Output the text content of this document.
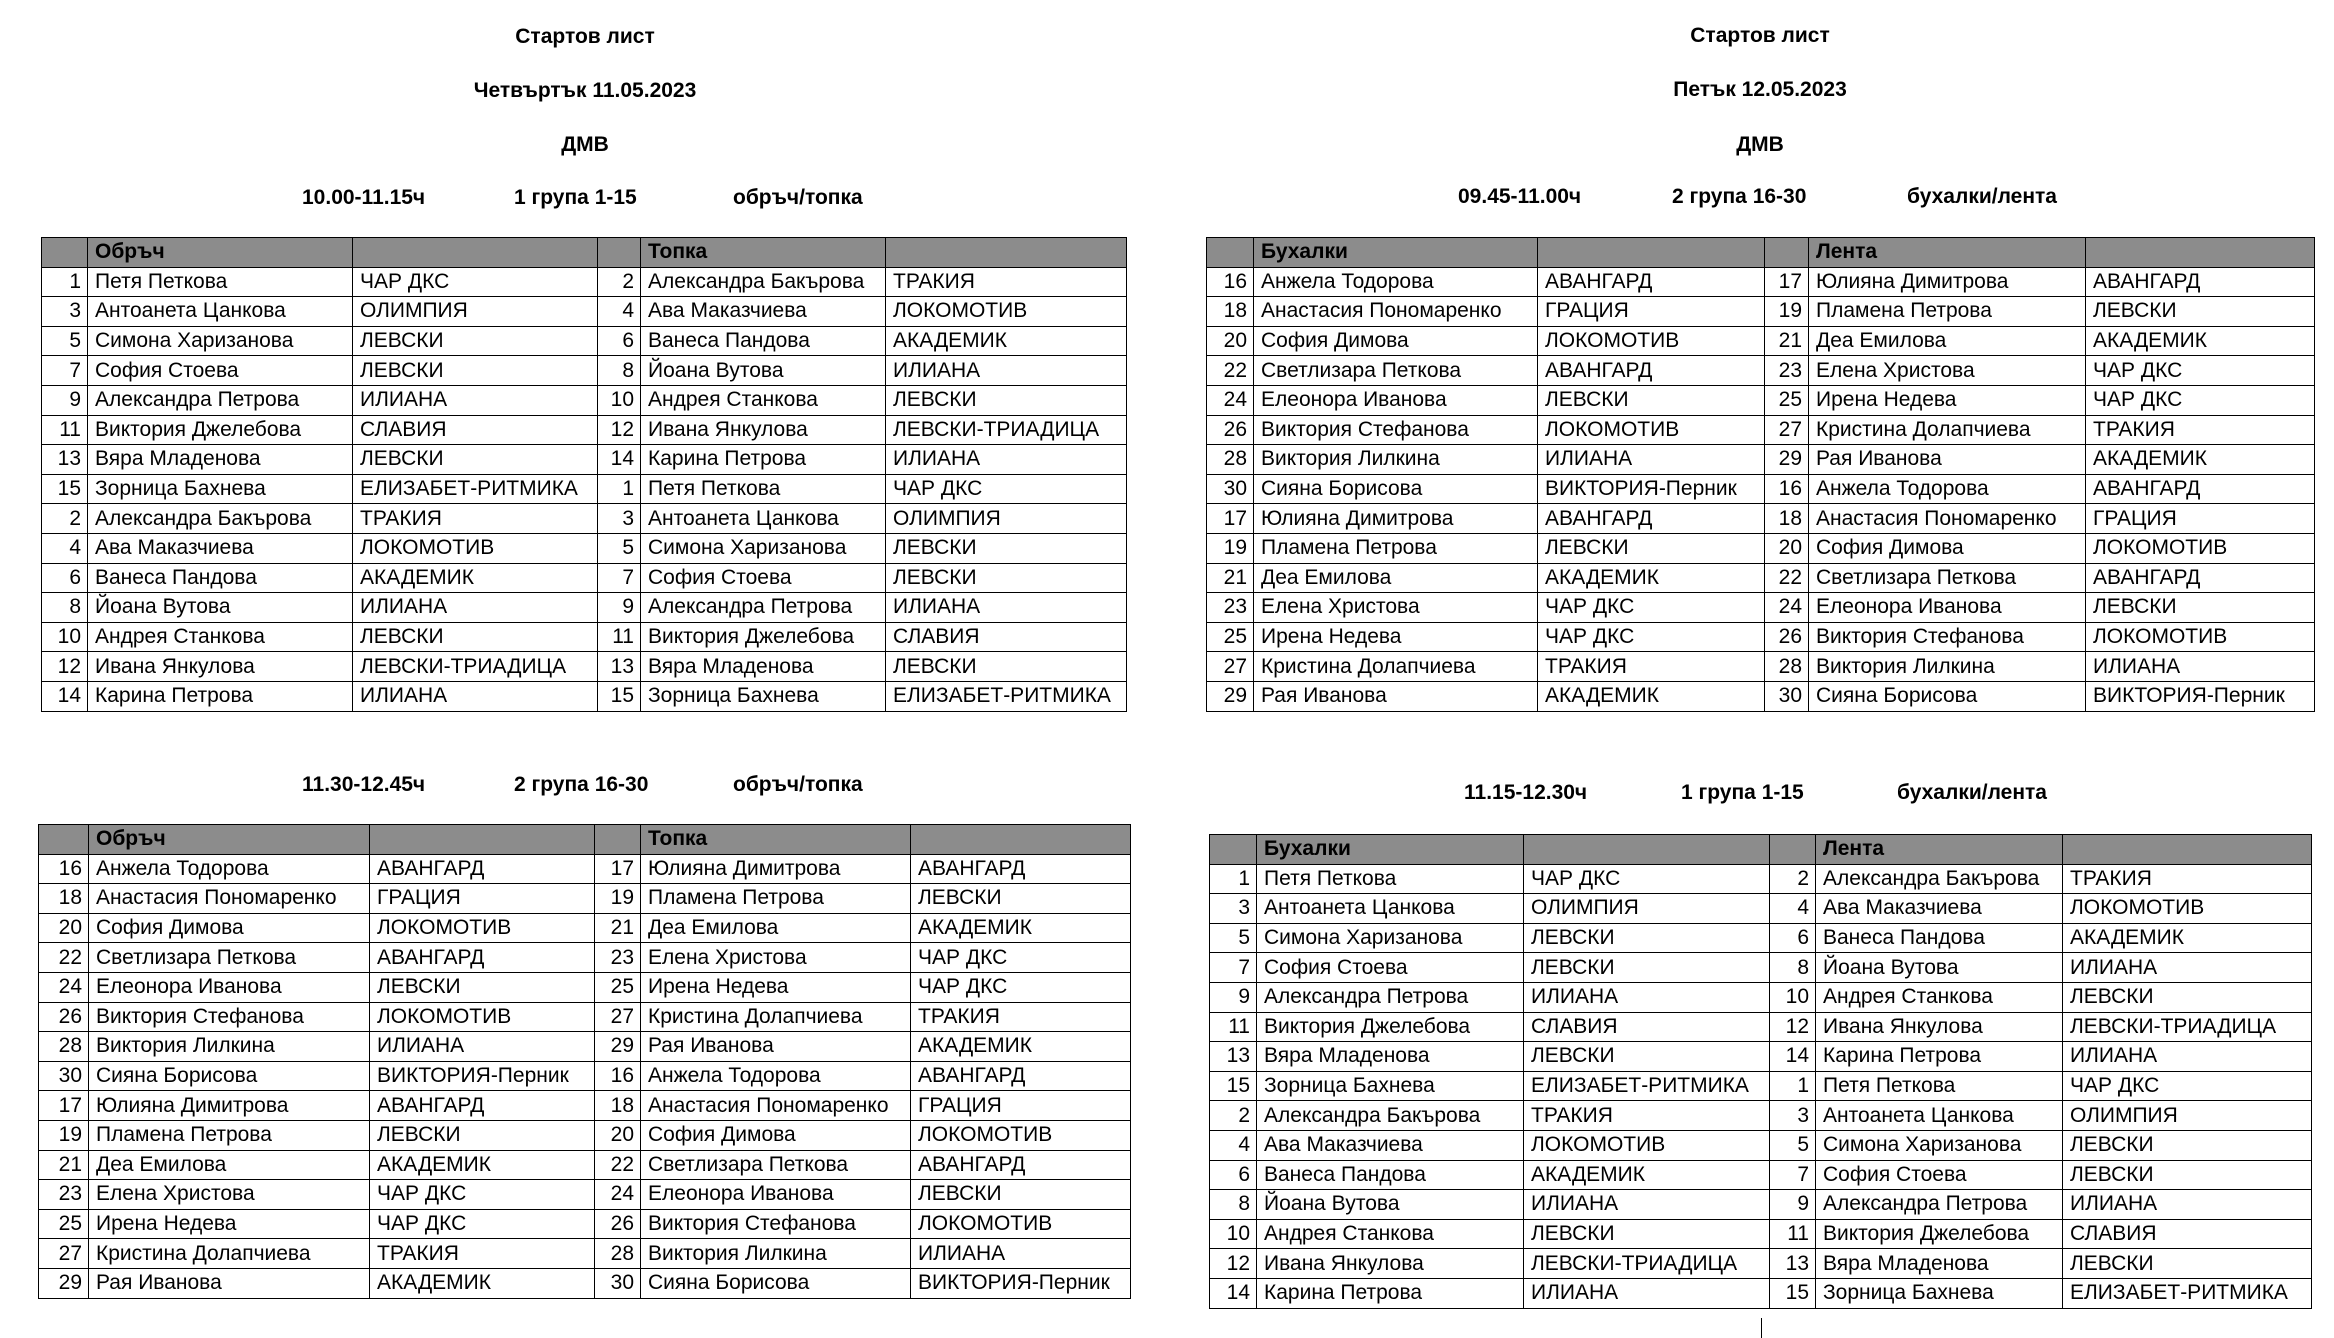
Стартов лист
Четвъртък 11.05.2023
ДМВ
10.00-11.15ч	1 група 1-15	обръч/топка
	Обръч			Топка	
1	Петя Петкова	ЧАР ДКС	2	Александра Бакърова	ТРАКИЯ
3	Антоанета Цанкова	ОЛИМПИЯ	4	Ава Маказчиева	ЛОКОМОТИВ
5	Симона Харизанова	ЛЕВСКИ	6	Ванеса Пандова	АКАДЕМИК
7	София Стоева	ЛЕВСКИ	8	Йоана Вутова	ИЛИАНА
9	Александра Петрова	ИЛИАНА	10	Андрея Станкова	ЛЕВСКИ
11	Виктория Джелебова	СЛАВИЯ	12	Ивана Янкулова	ЛЕВСКИ-ТРИАДИЦА
13	Вяра Младенова	ЛЕВСКИ	14	Карина Петрова	ИЛИАНА
15	Зорница Бахнева	ЕЛИЗАБЕТ-РИТМИКА	1	Петя Петкова	ЧАР ДКС
2	Александра Бакърова	ТРАКИЯ	3	Антоанета Цанкова	ОЛИМПИЯ
4	Ава Маказчиева	ЛОКОМОТИВ	5	Симона Харизанова	ЛЕВСКИ
6	Ванеса Пандова	АКАДЕМИК	7	София Стоева	ЛЕВСКИ
8	Йоана Вутова	ИЛИАНА	9	Александра Петрова	ИЛИАНА
10	Андрея Станкова	ЛЕВСКИ	11	Виктория Джелебова	СЛАВИЯ
12	Ивана Янкулова	ЛЕВСКИ-ТРИАДИЦА	13	Вяра Младенова	ЛЕВСКИ
14	Карина Петрова	ИЛИАНА	15	Зорница Бахнева	ЕЛИЗАБЕТ-РИТМИКА
11.30-12.45ч	2 група 16-30	обръч/топка
	Обръч			Топка	
16	Анжела Тодорова	АВАНГАРД	17	Юлияна Димитрова	АВАНГАРД
18	Анастасия Пономаренко	ГРАЦИЯ	19	Пламена Петрова	ЛЕВСКИ
20	София Димова	ЛОКОМОТИВ	21	Деа Емилова	АКАДЕМИК
22	Светлизара Петкова	АВАНГАРД	23	Елена Христова	ЧАР ДКС
24	Елеонора Иванова	ЛЕВСКИ	25	Ирена Недева	ЧАР ДКС
26	Виктория Стефанова	ЛОКОМОТИВ	27	Кристина Долапчиева	ТРАКИЯ
28	Виктория Лилкина	ИЛИАНА	29	Рая Иванова	АКАДЕМИК
30	Сияна Борисова	ВИКТОРИЯ-Перник	16	Анжела Тодорова	АВАНГАРД
17	Юлияна Димитрова	АВАНГАРД	18	Анастасия Пономаренко	ГРАЦИЯ
19	Пламена Петрова	ЛЕВСКИ	20	София Димова	ЛОКОМОТИВ
21	Деа Емилова	АКАДЕМИК	22	Светлизара Петкова	АВАНГАРД
23	Елена Христова	ЧАР ДКС	24	Елеонора Иванова	ЛЕВСКИ
25	Ирена Недева	ЧАР ДКС	26	Виктория Стефанова	ЛОКОМОТИВ
27	Кристина Долапчиева	ТРАКИЯ	28	Виктория Лилкина	ИЛИАНА
29	Рая Иванова	АКАДЕМИК	30	Сияна Борисова	ВИКТОРИЯ-Перник
Стартов лист
Петък 12.05.2023
ДМВ
09.45-11.00ч	2 група 16-30	бухалки/лента
	Бухалки			Лента	
16	Анжела Тодорова	АВАНГАРД	17	Юлияна Димитрова	АВАНГАРД
18	Анастасия Пономаренко	ГРАЦИЯ	19	Пламена Петрова	ЛЕВСКИ
20	София Димова	ЛОКОМОТИВ	21	Деа Емилова	АКАДЕМИК
22	Светлизара Петкова	АВАНГАРД	23	Елена Христова	ЧАР ДКС
24	Елеонора Иванова	ЛЕВСКИ	25	Ирена Недева	ЧАР ДКС
26	Виктория Стефанова	ЛОКОМОТИВ	27	Кристина Долапчиева	ТРАКИЯ
28	Виктория Лилкина	ИЛИАНА	29	Рая Иванова	АКАДЕМИК
30	Сияна Борисова	ВИКТОРИЯ-Перник	16	Анжела Тодорова	АВАНГАРД
17	Юлияна Димитрова	АВАНГАРД	18	Анастасия Пономаренко	ГРАЦИЯ
19	Пламена Петрова	ЛЕВСКИ	20	София Димова	ЛОКОМОТИВ
21	Деа Емилова	АКАДЕМИК	22	Светлизара Петкова	АВАНГАРД
23	Елена Христова	ЧАР ДКС	24	Елеонора Иванова	ЛЕВСКИ
25	Ирена Недева	ЧАР ДКС	26	Виктория Стефанова	ЛОКОМОТИВ
27	Кристина Долапчиева	ТРАКИЯ	28	Виктория Лилкина	ИЛИАНА
29	Рая Иванова	АКАДЕМИК	30	Сияна Борисова	ВИКТОРИЯ-Перник
11.15-12.30ч	1 група 1-15	бухалки/лента
	Бухалки			Лента	
1	Петя Петкова	ЧАР ДКС	2	Александра Бакърова	ТРАКИЯ
3	Антоанета Цанкова	ОЛИМПИЯ	4	Ава Маказчиева	ЛОКОМОТИВ
5	Симона Харизанова	ЛЕВСКИ	6	Ванеса Пандова	АКАДЕМИК
7	София Стоева	ЛЕВСКИ	8	Йоана Вутова	ИЛИАНА
9	Александра Петрова	ИЛИАНА	10	Андрея Станкова	ЛЕВСКИ
11	Виктория Джелебова	СЛАВИЯ	12	Ивана Янкулова	ЛЕВСКИ-ТРИАДИЦА
13	Вяра Младенова	ЛЕВСКИ	14	Карина Петрова	ИЛИАНА
15	Зорница Бахнева	ЕЛИЗАБЕТ-РИТМИКА	1	Петя Петкова	ЧАР ДКС
2	Александра Бакърова	ТРАКИЯ	3	Антоанета Цанкова	ОЛИМПИЯ
4	Ава Маказчиева	ЛОКОМОТИВ	5	Симона Харизанова	ЛЕВСКИ
6	Ванеса Пандова	АКАДЕМИК	7	София Стоева	ЛЕВСКИ
8	Йоана Вутова	ИЛИАНА	9	Александра Петрова	ИЛИАНА
10	Андрея Станкова	ЛЕВСКИ	11	Виктория Джелебова	СЛАВИЯ
12	Ивана Янкулова	ЛЕВСКИ-ТРИАДИЦА	13	Вяра Младенова	ЛЕВСКИ
14	Карина Петрова	ИЛИАНА	15	Зорница Бахнева	ЕЛИЗАБЕТ-РИТМИКА
